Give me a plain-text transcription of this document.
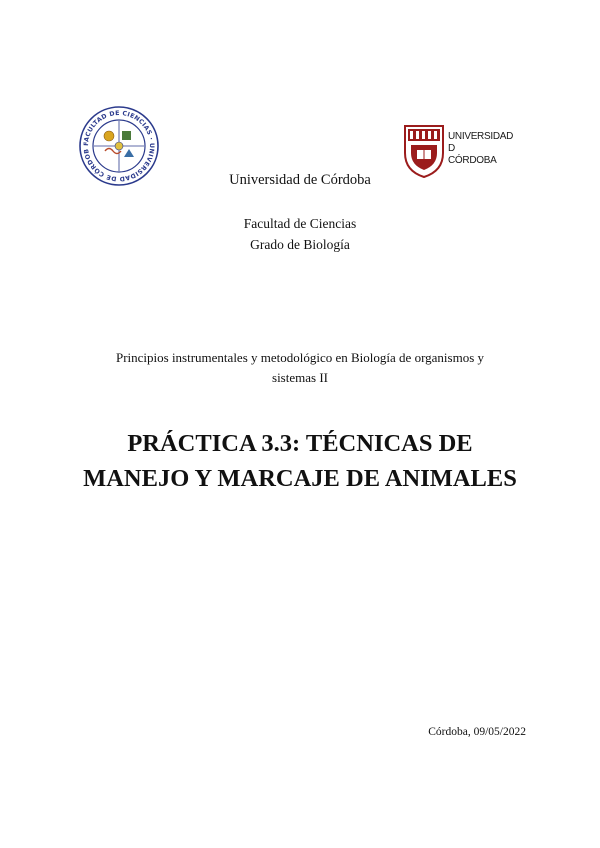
FACULTAD DE CIENCIAS · UNIVERSIDAD DE CÓRDOB
UNIVERSIDAD
D
CÓRDOBA
Universidad de Córdoba
Facultad de Ciencias
Grado de Biología
Principios instrumentales y metodológico en Biología de organismos y
sistemas II
PRÁCTICA 3.3: TÉCNICAS DE
MANEJO Y MARCAJE DE ANIMALES
Córdoba, 09/05/2022
